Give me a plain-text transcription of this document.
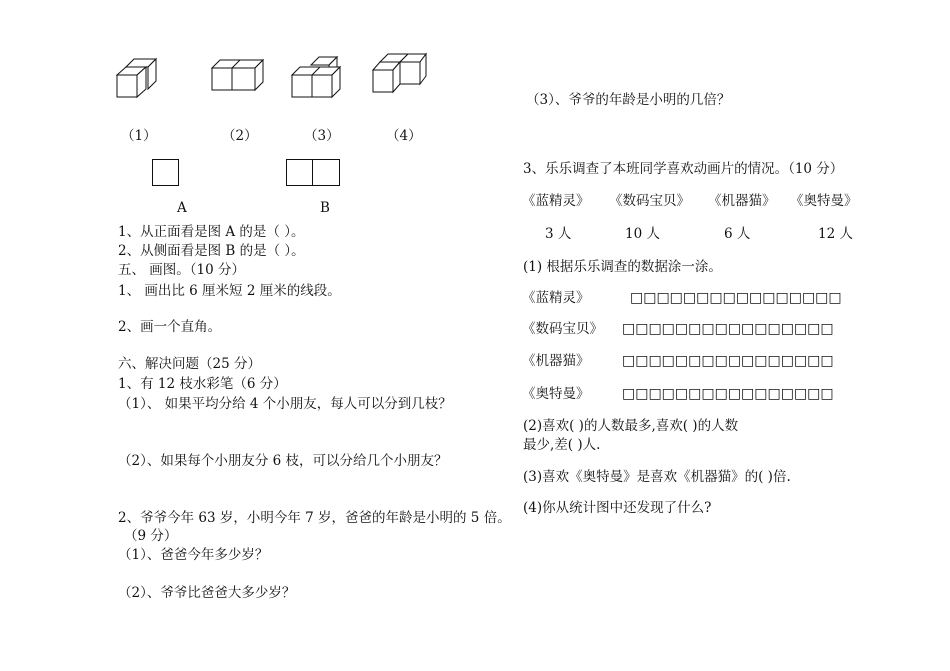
（1）	（2）	（3）	（4）
A	B
1、从正面看是图 A 的是（ ）。
2、从侧面看是图 B 的是（ ）。
五、 画图。（10 分）
1、 画出比 6 厘米短 2 厘米的线段。
2、画一个直角。
六、解决问题（25 分）
1、有 12 枝水彩笔（6 分）
（1）、 如果平均分给 4 个小朋友，每人可以分到几枝？
（2）、如果每个小朋友分 6 枝，可以分给几个小朋友？
2、爷爷今年 63 岁，小明今年 7 岁，爸爸的年龄是小明的 5 倍。
（9 分）
（1）、爸爸今年多少岁？
（2）、爷爷比爸爸大多少岁？
（3）、爷爷的年龄是小明的几倍？
3、乐乐调查了本班同学喜欢动画片的情况。（10 分）
《蓝精灵》 《数码宝贝》 《机器猫》 《奥特曼》
3 人	10 人	6 人	12 人
(1) 根据乐乐调查的数据涂一涂。
《蓝精灵》	□□□□□□□□□□□□□□□□
《数码宝贝》 □□□□□□□□□□□□□□□□
《机器猫》 □□□□□□□□□□□□□□□□
《奥特曼》 □□□□□□□□□□□□□□□□
(2)喜欢( )的人数最多,喜欢( )的人数
最少,差( )人.
(3)喜欢《奥特曼》是喜欢《机器猫》的( )倍.
(4)你从统计图中还发现了什么?
